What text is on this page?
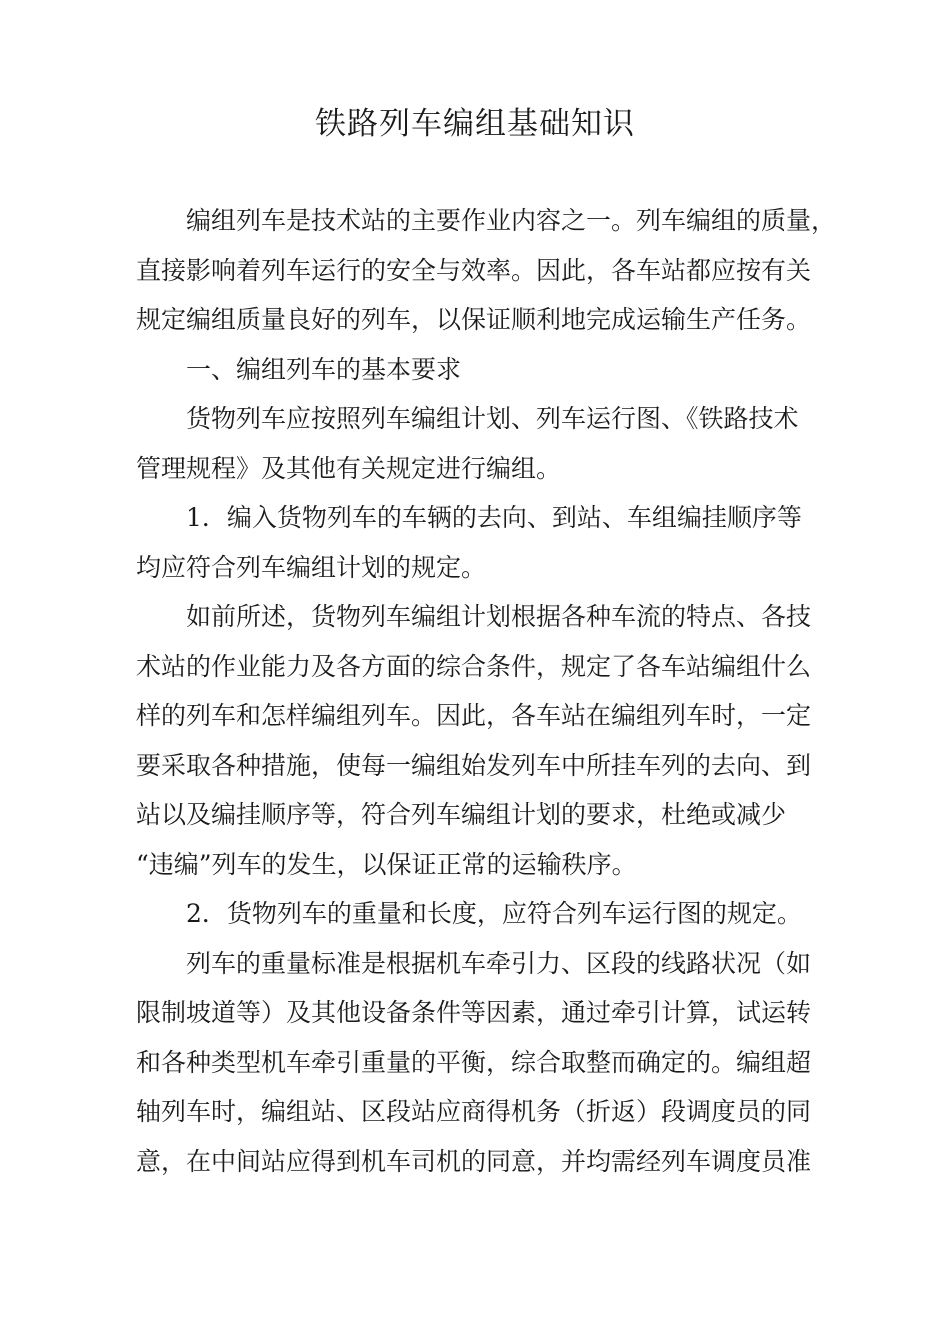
铁路列车编组基础知识
编组列车是技术站的主要作业内容之一。列车编组的质量，
直接影响着列车运行的安全与效率。因此，各车站都应按有关
规定编组质量良好的列车，以保证顺利地完成运输生产任务。
一、编组列车的基本要求
货物列车应按照列车编组计划、列车运行图、《铁路技术
管理规程》及其他有关规定进行编组。
1．编入货物列车的车辆的去向、到站、车组编挂顺序等
均应符合列车编组计划的规定。
如前所述，货物列车编组计划根据各种车流的特点、各技
术站的作业能力及各方面的综合条件，规定了各车站编组什么
样的列车和怎样编组列车。因此，各车站在编组列车时，一定
要采取各种措施，使每一编组始发列车中所挂车列的去向、到
站以及编挂顺序等，符合列车编组计划的要求，杜绝或减少
“违编”列车的发生，以保证正常的运输秩序。
2．货物列车的重量和长度，应符合列车运行图的规定。
列车的重量标准是根据机车牵引力、区段的线路状况（如
限制坡道等）及其他设备条件等因素，通过牵引计算，试运转
和各种类型机车牵引重量的平衡，综合取整而确定的。编组超
轴列车时，编组站、区段站应商得机务（折返）段调度员的同
意，在中间站应得到机车司机的同意，并均需经列车调度员准
